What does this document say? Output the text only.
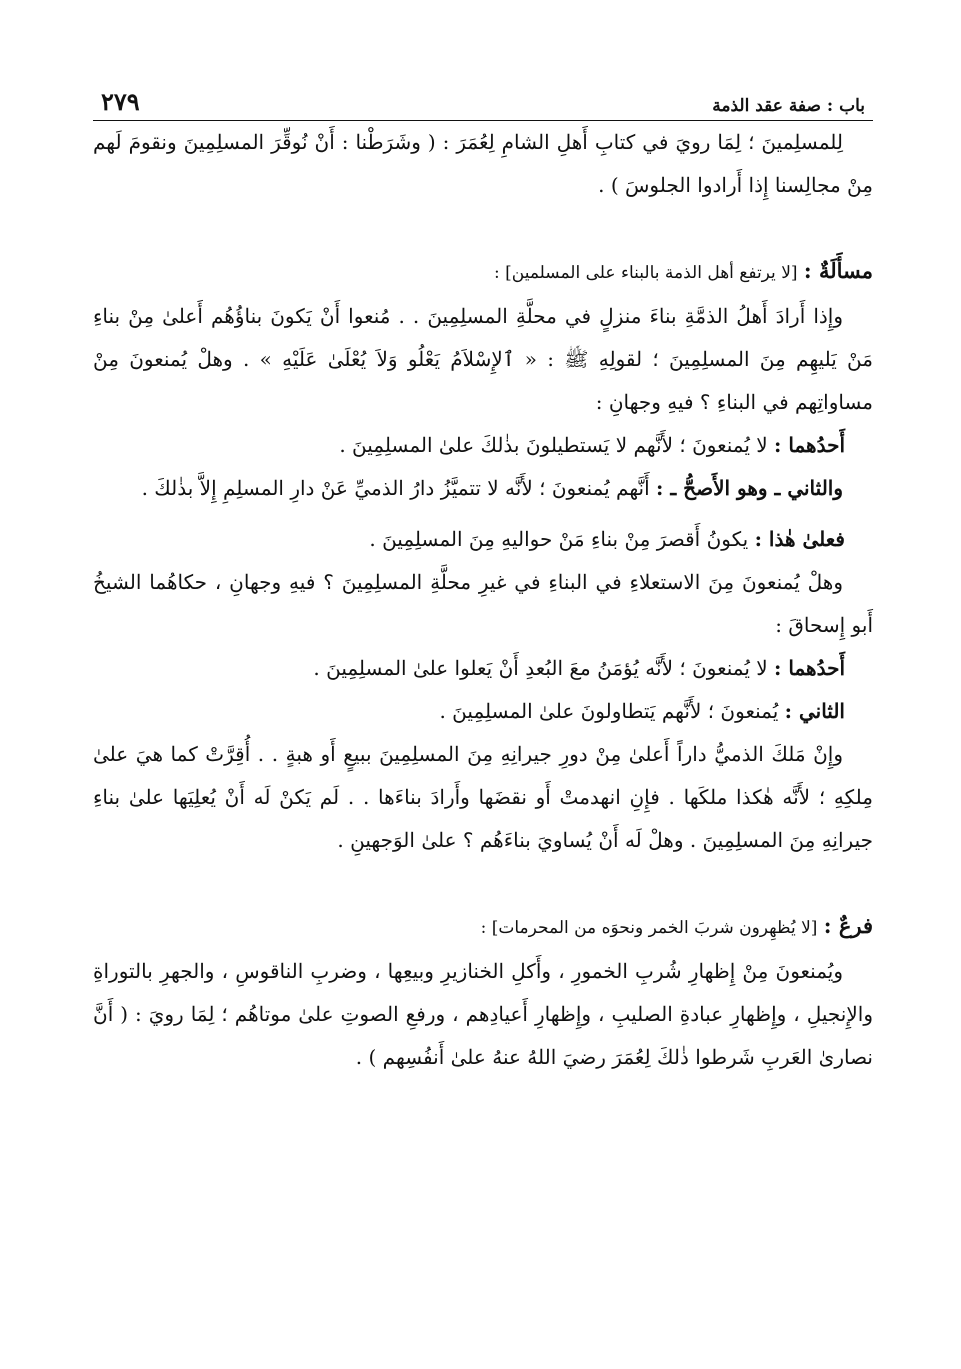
باب : صفة عقد الذمة
٢٧٩
لِلمسلِمينَ ؛ لِمَا رويَ في كتابِ أَهلِ الشامِ لِعُمَرَ : ( وشَرَطْنا : أَنْ نُوقِّرَ المسلِمِينَ ونقومَ لَهم مِنْ مجالِسنا إِذا أَرادوا الجلوسَ ) .
مسأَلَةٌ : [لا يرتفع أهل الذمة بالبناء على المسلمين] :
وإِذا أَرادَ أَهلُ الذمَّةِ بناءَ منزلٍ في محلَّةِ المسلِمِينَ . . مُنعوا أَنْ يَكونَ بناؤُهُم أَعلىٰ مِنْ بناءِ مَنْ يَليهِم مِنَ المسلِمِينَ ؛ لقولِهِ ﷺ : « ٱلإِسْلاَمُ يَعْلُو وَلاَ يُعْلَىٰ عَلَيْهِ » . وهلْ يُمنعونَ مِنْ مساواتِهم في البناءِ ؟ فيهِ وجهانِ :
أَحدُهما : لا يُمنعونَ ؛ لأَنَّهم لا يَستطيلونَ بذٰلكَ علىٰ المسلِمِينَ .
والثاني ـ وهو الأَصحُّ ـ : أَنَّهم يُمنعونَ ؛ لأَنَّه لا تتميَّزُ دارُ الذميِّ عَنْ دارِ المسلِمِ إِلاَّ بذٰلكَ .
فعلىٰ هٰذا : يكونُ أَقصرَ مِنْ بناءِ مَنْ حواليهِ مِنَ المسلِمِينَ .
وهلْ يُمنعونَ مِنَ الاستعلاءِ في البناءِ في غيرِ محلَّةِ المسلِمِينَ ؟ فيهِ وجهانِ ، حكاهُما الشيخُ أَبو إِسحاقَ :
أَحدُهما : لا يُمنعونَ ؛ لأَنَّه يُؤمَنُ معَ البُعدِ أَنْ يَعلوا علىٰ المسلِمِينَ .
الثاني : يُمنعونَ ؛ لأَنَّهم يَتطاولونَ علىٰ المسلِمِينَ .
وإِنْ مَلكَ الذميُّ داراً أَعلىٰ مِنْ دورِ جيرانِهِ مِنَ المسلِمِينَ ببيعٍ أَو هبةٍ . . أُقِرَّتْ كما هيَ علىٰ مِلكِهِ ؛ لأَنَّه هٰكذا ملكَها . فإِنِ انهدمتْ أَو نقضَها وأَرادَ بناءَها . . لَم يَكنْ لَه أَنْ يُعلِيَها علىٰ بناءِ جيرانِهِ مِنَ المسلِمِينَ . وهلْ لَه أَنْ يُساويَ بناءَهُم ؟ علىٰ الوَجهينِ .
فرعٌ : [لا يُظهِرون شربَ الخمر ونحوَه من المحرمات] :
ويُمنعونَ مِنْ إِظهارِ شُربِ الخمورِ ، وأَكلِ الخنازيرِ وبيعِها ، وضربِ الناقوسِ ، والجهرِ بالتوراةِ والإِنجيلِ ، وإِظهارِ عبادةِ الصليبِ ، وإِظهارِ أَعيادِهم ، ورفعِ الصوتِ علىٰ موتاهُم ؛ لِمَا رويَ : ( أَنَّ نصارىٰ العَربِ شَرطوا ذٰلكَ لِعُمَرَ رضيَ اللهُ عنهُ علىٰ أَنفُسِهم ) .
